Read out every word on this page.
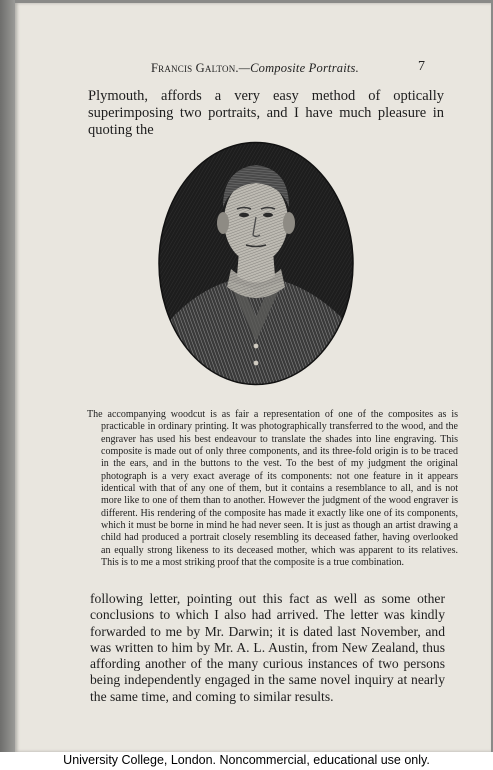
Francis Galton.—Composite Portraits.	7
Plymouth, affords a very easy method of optically superimposing two portraits, and I have much pleasure in quoting the
The accompanying woodcut is as fair a representation of one of the composites as is practicable in ordinary printing. It was photographically transferred to the wood, and the engraver has used his best endeavour to translate the shades into line engraving. This composite is made out of only three components, and its three-fold origin is to be traced in the ears, and in the buttons to the vest. To the best of my judgment the original photograph is a very exact average of its components: not one feature in it appears identical with that of any one of them, but it contains a resemblance to all, and is not more like to one of them than to another. However the judgment of the wood engraver is different. His rendering of the composite has made it exactly like one of its components, which it must be borne in mind he had never seen. It is just as though an artist drawing a child had produced a portrait closely resembling its deceased father, having overlooked an equally strong likeness to its deceased mother, which was apparent to its relatives. This is to me a most striking proof that the composite is a true combination.
following letter, pointing out this fact as well as some other conclusions to which I also had arrived. The letter was kindly forwarded to me by Mr. Darwin; it is dated last November, and was written to him by Mr. A. L. Austin, from New Zealand, thus affording another of the many curious instances of two persons being independently engaged in the same novel inquiry at nearly the same time, and coming to similar results.
University College, London. Noncommercial, educational use only.
